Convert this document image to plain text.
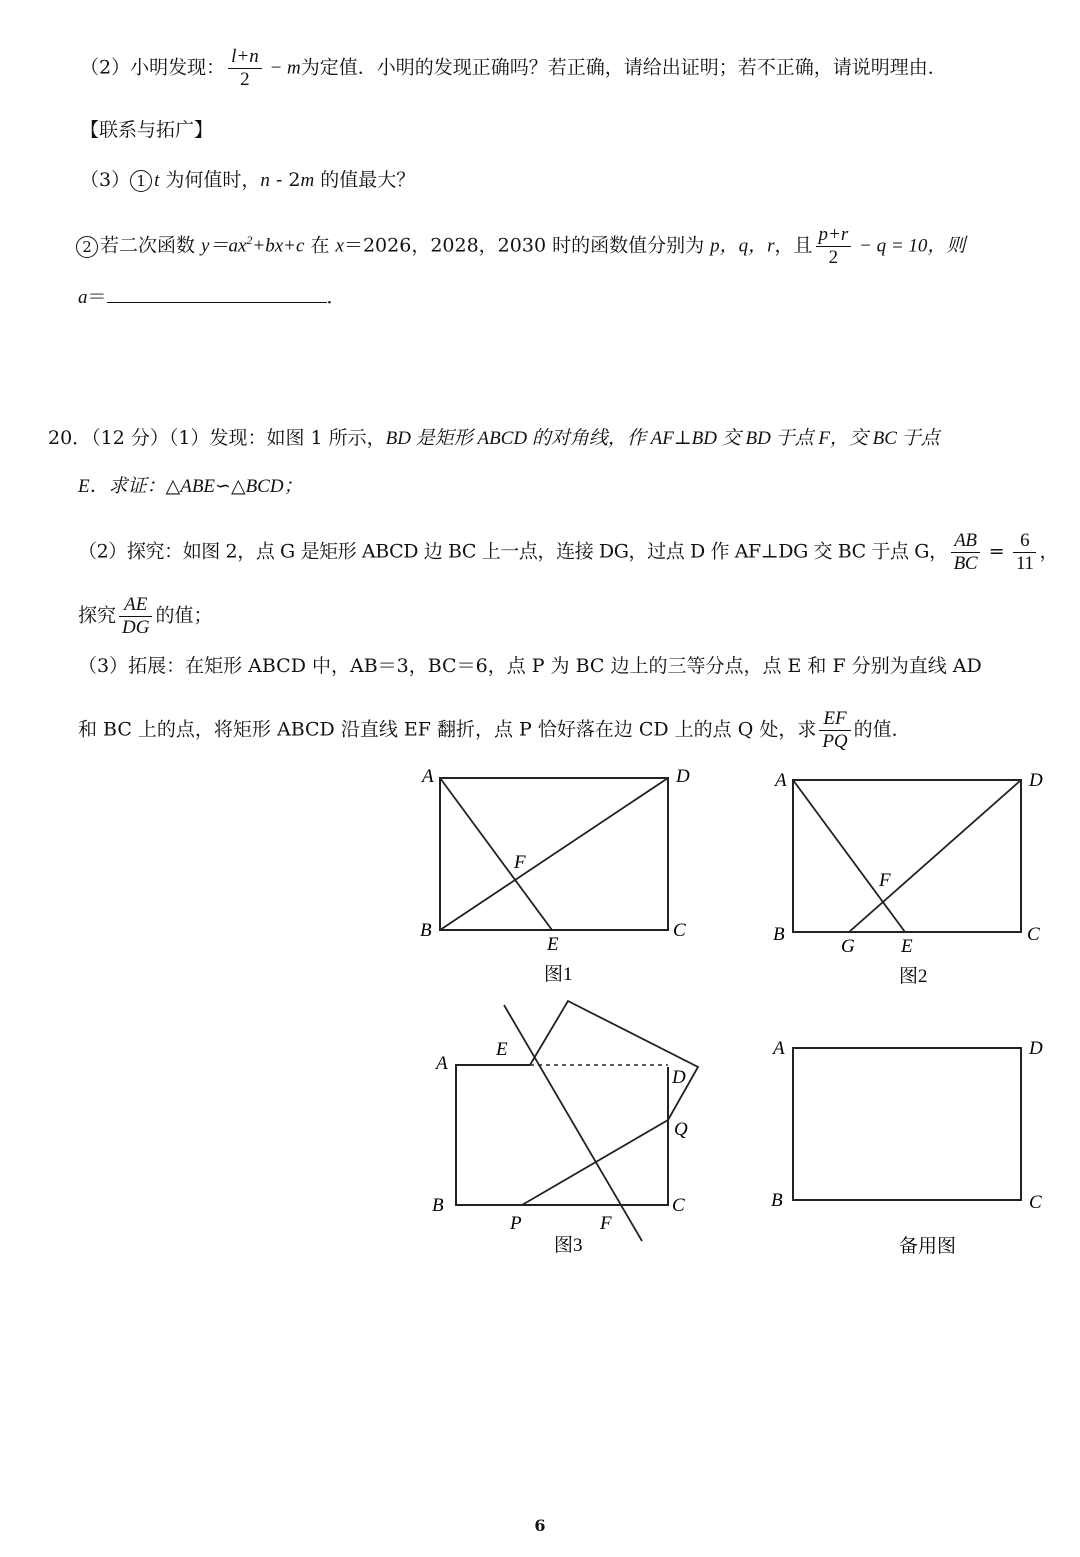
（2）小明发现： $\frac{l+n}{2} - m$为定值．小明的发现正确吗？若正确，请给出证明；若不正确，请说明理由．
【联系与拓广】
（3） 1 t 为何值时，n - 2m 的值最大？
2 若二次函数 $y=ax^2+bx+c$ 在 x＝2026，2028，2030 时的函数值分别为 p，q，r，且 $\frac{p+r}{2} - q = 10$，则
a＝	．
20．（12 分）（1）发现：如图 1 所示，BD 是矩形 ABCD 的对角线，作 AF⊥BD 交 BD 于点 F，交 BC 于点
E．求证：△ABE∽△BCD；
（2）探究：如图 2，点 G 是矩形 ABCD 边 BC 上一点，连接 DG，过点 D 作 AF⊥DG 交 BC 于点 G， $\frac{AB}{BC} = \frac{6}{11}$ ，
探究 $\frac{AE}{DG}$ 的值；
（3）拓展：在矩形 ABCD 中，AB＝3，BC＝6，点 P 为 BC 边上的三等分点，点 E 和 F 分别为直线 AD
和 BC 上的点，将矩形 ABCD 沿直线 EF 翻折，点 P 恰好落在边 CD 上的点 Q 处，求 $\frac{EF}{PQ}$ 的值．
A	D
B	C
E
F
图1
A	D
B	C
G E
F
图2
A
E
D
Q
B	C
P	F
图3
A	D
B	C
备用图
6
